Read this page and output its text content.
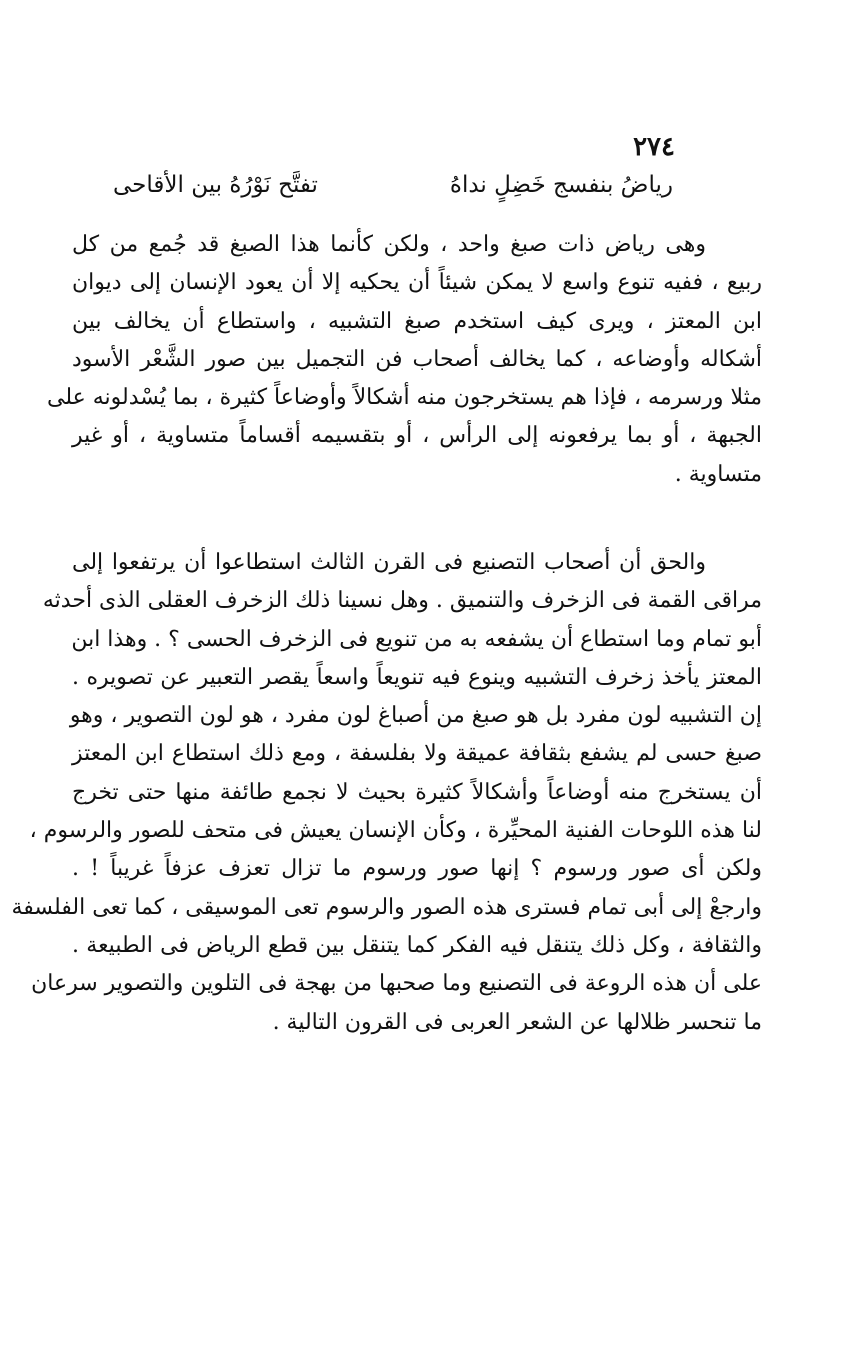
٢٧٤
رياضُ بنفسج خَضِلٍ نداهُ
تفتَّح نَوْرُهُ بين الأقاحى
وهى رياض ذات صبغ واحد ، ولكن كأنما هذا الصبغ قد جُمع من كل
ربيع ، ففيه تنوع واسع لا يمكن شيئاً أن يحكيه إلا أن يعود الإنسان إلى ديوان
ابن المعتز ، ويرى كيف استخدم صبغ التشبيه ، واستطاع أن يخالف بين
أشكاله وأوضاعه ، كما يخالف أصحاب فن التجميل بين صور الشَّعْر الأسود
مثلا ورسرمه ، فإذا هم يستخرجون منه أشكالاً وأوضاعاً كثيرة ، بما يُسْدلونه على
الجبهة ، أو بما يرفعونه إلى الرأس ، أو بتقسيمه أقساماً متساوية ، أو غير
متساوية .
والحق أن أصحاب التصنيع فى القرن الثالث استطاعوا أن يرتفعوا إلى
مراقى القمة فى الزخرف والتنميق . وهل نسينا ذلك الزخرف العقلى الذى أحدثه
أبو تمام وما استطاع أن يشفعه به من تنويع فى الزخرف الحسى ؟ . وهذا ابن
المعتز يأخذ زخرف التشبيه وينوع فيه تنويعاً واسعاً يقصر التعبير عن تصويره .
إن التشبيه لون مفرد بل هو صبغ من أصباغ لون مفرد ، هو لون التصوير ، وهو
صبغ حسى لم يشفع بثقافة عميقة ولا بفلسفة ، ومع ذلك استطاع ابن المعتز
أن يستخرج منه أوضاعاً وأشكالاً كثيرة بحيث لا نجمع طائفة منها حتى تخرج
لنا هذه اللوحات الفنية المحيِّرة ، وكأن الإنسان يعيش فى متحف للصور والرسوم ،
ولكن أى صور ورسوم ؟ إنها صور ورسوم ما تزال تعزف عزفاً غريباً ! .
وارجعْ إلى أبى تمام فسترى هذه الصور والرسوم تعى الموسيقى ، كما تعى الفلسفة
والثقافة ، وكل ذلك يتنقل فيه الفكر كما يتنقل بين قطع الرياض فى الطبيعة .
على أن هذه الروعة فى التصنيع وما صحبها من بهجة فى التلوين والتصوير سرعان
ما تنحسر ظلالها عن الشعر العربى فى القرون التالية .
